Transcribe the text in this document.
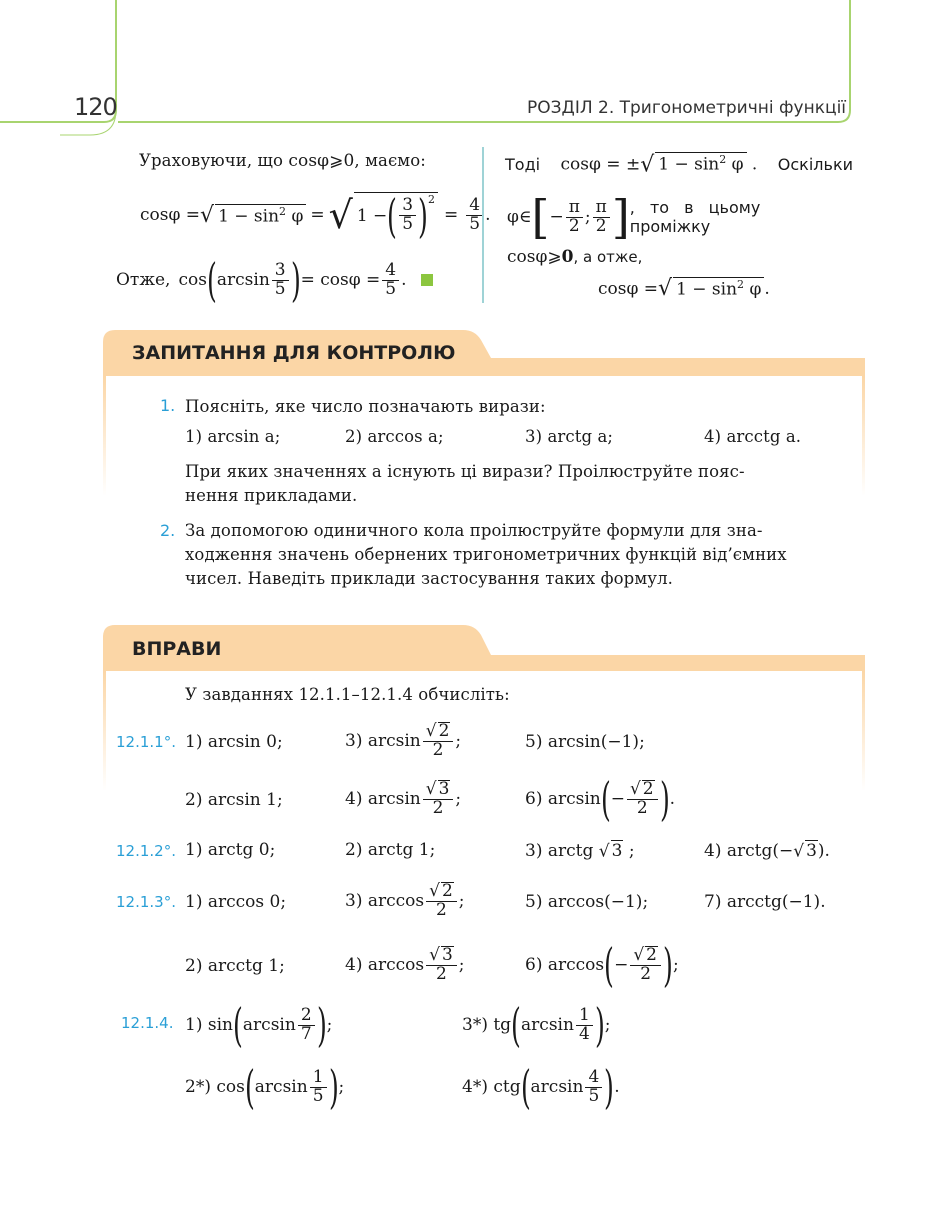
120	РОЗДІЛ 2. Тригонометричні функції
Ураховуючи, що cosφ⩾0, маємо:
cosφ = √ $1 - \sin^2 \varphi$ = √ 1 − ( $\frac{3}{5} )^2$
= $\frac{4}{5}$ .
Отже, cos ( $\arcsin \frac{3}{5}$ ) = $\cos\varphi = \frac{4}{5}$ .
Тоді cosφ = ±√ $1 - \sin^2 \varphi$ . Оскільки
φ∈ [ − $\frac{\pi}{2}$ ; $\frac{\pi}{2}$ ] , то в цьому проміжку
cosφ⩾0, а отже,
cosφ = √ $1 - \sin^2 \varphi$ .
ЗАПИТАННЯ ДЛЯ КОНТРОЛЮ
1. Поясніть, яке число позначають вирази:
1) arcsin a;	2) arccos a;	3) arctg a;	4) arcctg a.
При яких значеннях a існують ці вирази? Проілюструйте пояс-
нення прикладами.
2. За допомогою одиничного кола проілюструйте формули для зна-
ходження значень обернених тригонометричних функцій від’ємних
чисел. Наведіть приклади застосування таких формул.
ВПРАВИ
У завданнях 12.1.1–12.1.4 обчисліть:
12.1.1°. 1) arcsin 0;	3) $\arcsin \frac{√ 2}{2}$ ;	5) arcsin(−1);
2) arcsin 1;	4) $\arcsin \frac{√ 3}{2}$ ;	6) arcsin ( − $\frac{√ 2}{2}$ ) .
12.1.2°. 1) arctg 0;	2) arctg 1;	3) arctg √ 3 ;	4) arctg(−√ 3).
12.1.3°. 1) arccos 0;	3) $\arccos \frac{√ 2}{2}$ ;	5) arccos(−1);	7) arcctg(−1).
2) arcctg 1;	4) $\arccos \frac{√ 3}{2}$ ;	6) arccos ( − $\frac{√ 2}{2}$ ) ;
12.1.4. 1) sin ( $\arcsin \frac{2}{7}$ ) ;	3*) tg ( $\arcsin \frac{1}{4}$ ) ;
2*) cos ( $\arcsin \frac{1}{5}$ ) ;	4*) ctg ( $\arcsin \frac{4}{5}$ ) .
